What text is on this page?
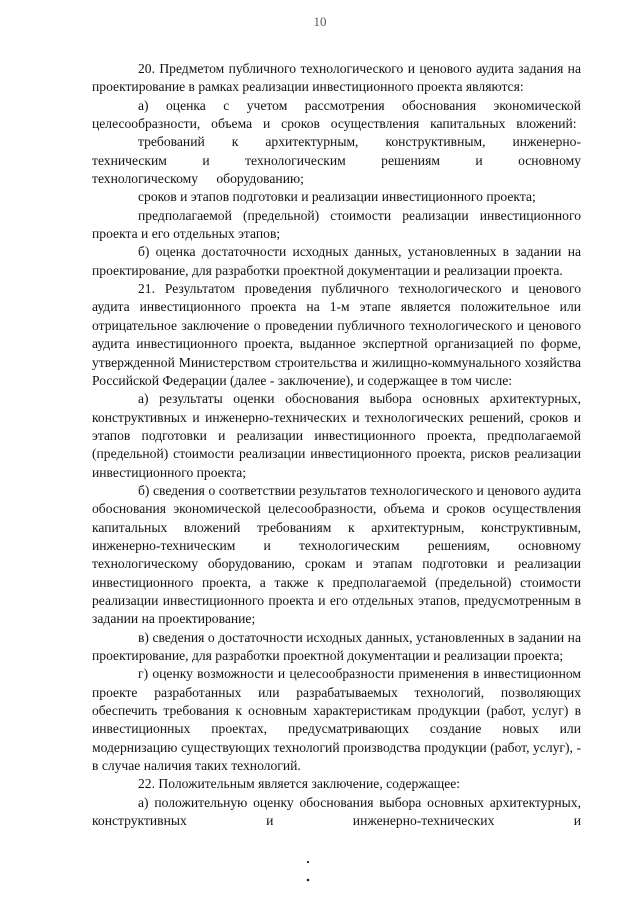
10

20. Предметом публичного технологического и ценового аудита задания на проектирование в рамках реализации инвестиционного проекта являются:

а) оценка с учетом рассмотрения обоснования экономической целесообразности, объема и сроков осуществления капитальных вложений:

требований к архитектурным, конструктивным, инженерно-техническим и технологическим решениям и основному технологическому оборудованию;

сроков и этапов подготовки и реализации инвестиционного проекта;

предполагаемой (предельной) стоимости реализации инвестиционного проекта и его отдельных этапов;

б) оценка достаточности исходных данных, установленных в задании на проектирование, для разработки проектной документации и реализации проекта.

21. Результатом проведения публичного технологического и ценового аудита инвестиционного проекта на 1-м этапе является положительное или отрицательное заключение о проведении публичного технологического и ценового аудита инвестиционного проекта, выданное экспертной организацией по форме, утвержденной Министерством строительства и жилищно-коммунального хозяйства Российской Федерации (далее - заключение), и содержащее в том числе:

а) результаты оценки обоснования выбора основных архитектурных, конструктивных и инженерно-технических и технологических решений, сроков и этапов подготовки и реализации инвестиционного проекта, предполагаемой (предельной) стоимости реализации инвестиционного проекта, рисков реализации инвестиционного проекта;

б) сведения о соответствии результатов технологического и ценового аудита обоснования экономической целесообразности, объема и сроков осуществления капитальных вложений требованиям к архитектурным, конструктивным, инженерно-техническим и технологическим решениям, основному технологическому оборудованию, срокам и этапам подготовки и реализации инвестиционного проекта, а также к предполагаемой (предельной) стоимости реализации инвестиционного проекта и его отдельных этапов, предусмотренным в задании на проектирование;

в) сведения о достаточности исходных данных, установленных в задании на проектирование, для разработки проектной документации и реализации проекта;

г) оценку возможности и целесообразности применения в инвестиционном проекте разработанных или разрабатываемых технологий, позволяющих обеспечить требования к основным характеристикам продукции (работ, услуг) в инвестиционных проектах, предусматривающих создание новых или модернизацию существующих технологий производства продукции (работ, услуг), - в случае наличия таких технологий.

22. Положительным является заключение, содержащее:

а) положительную оценку обоснования выбора основных архитектурных, конструктивных и инженерно-технических и
